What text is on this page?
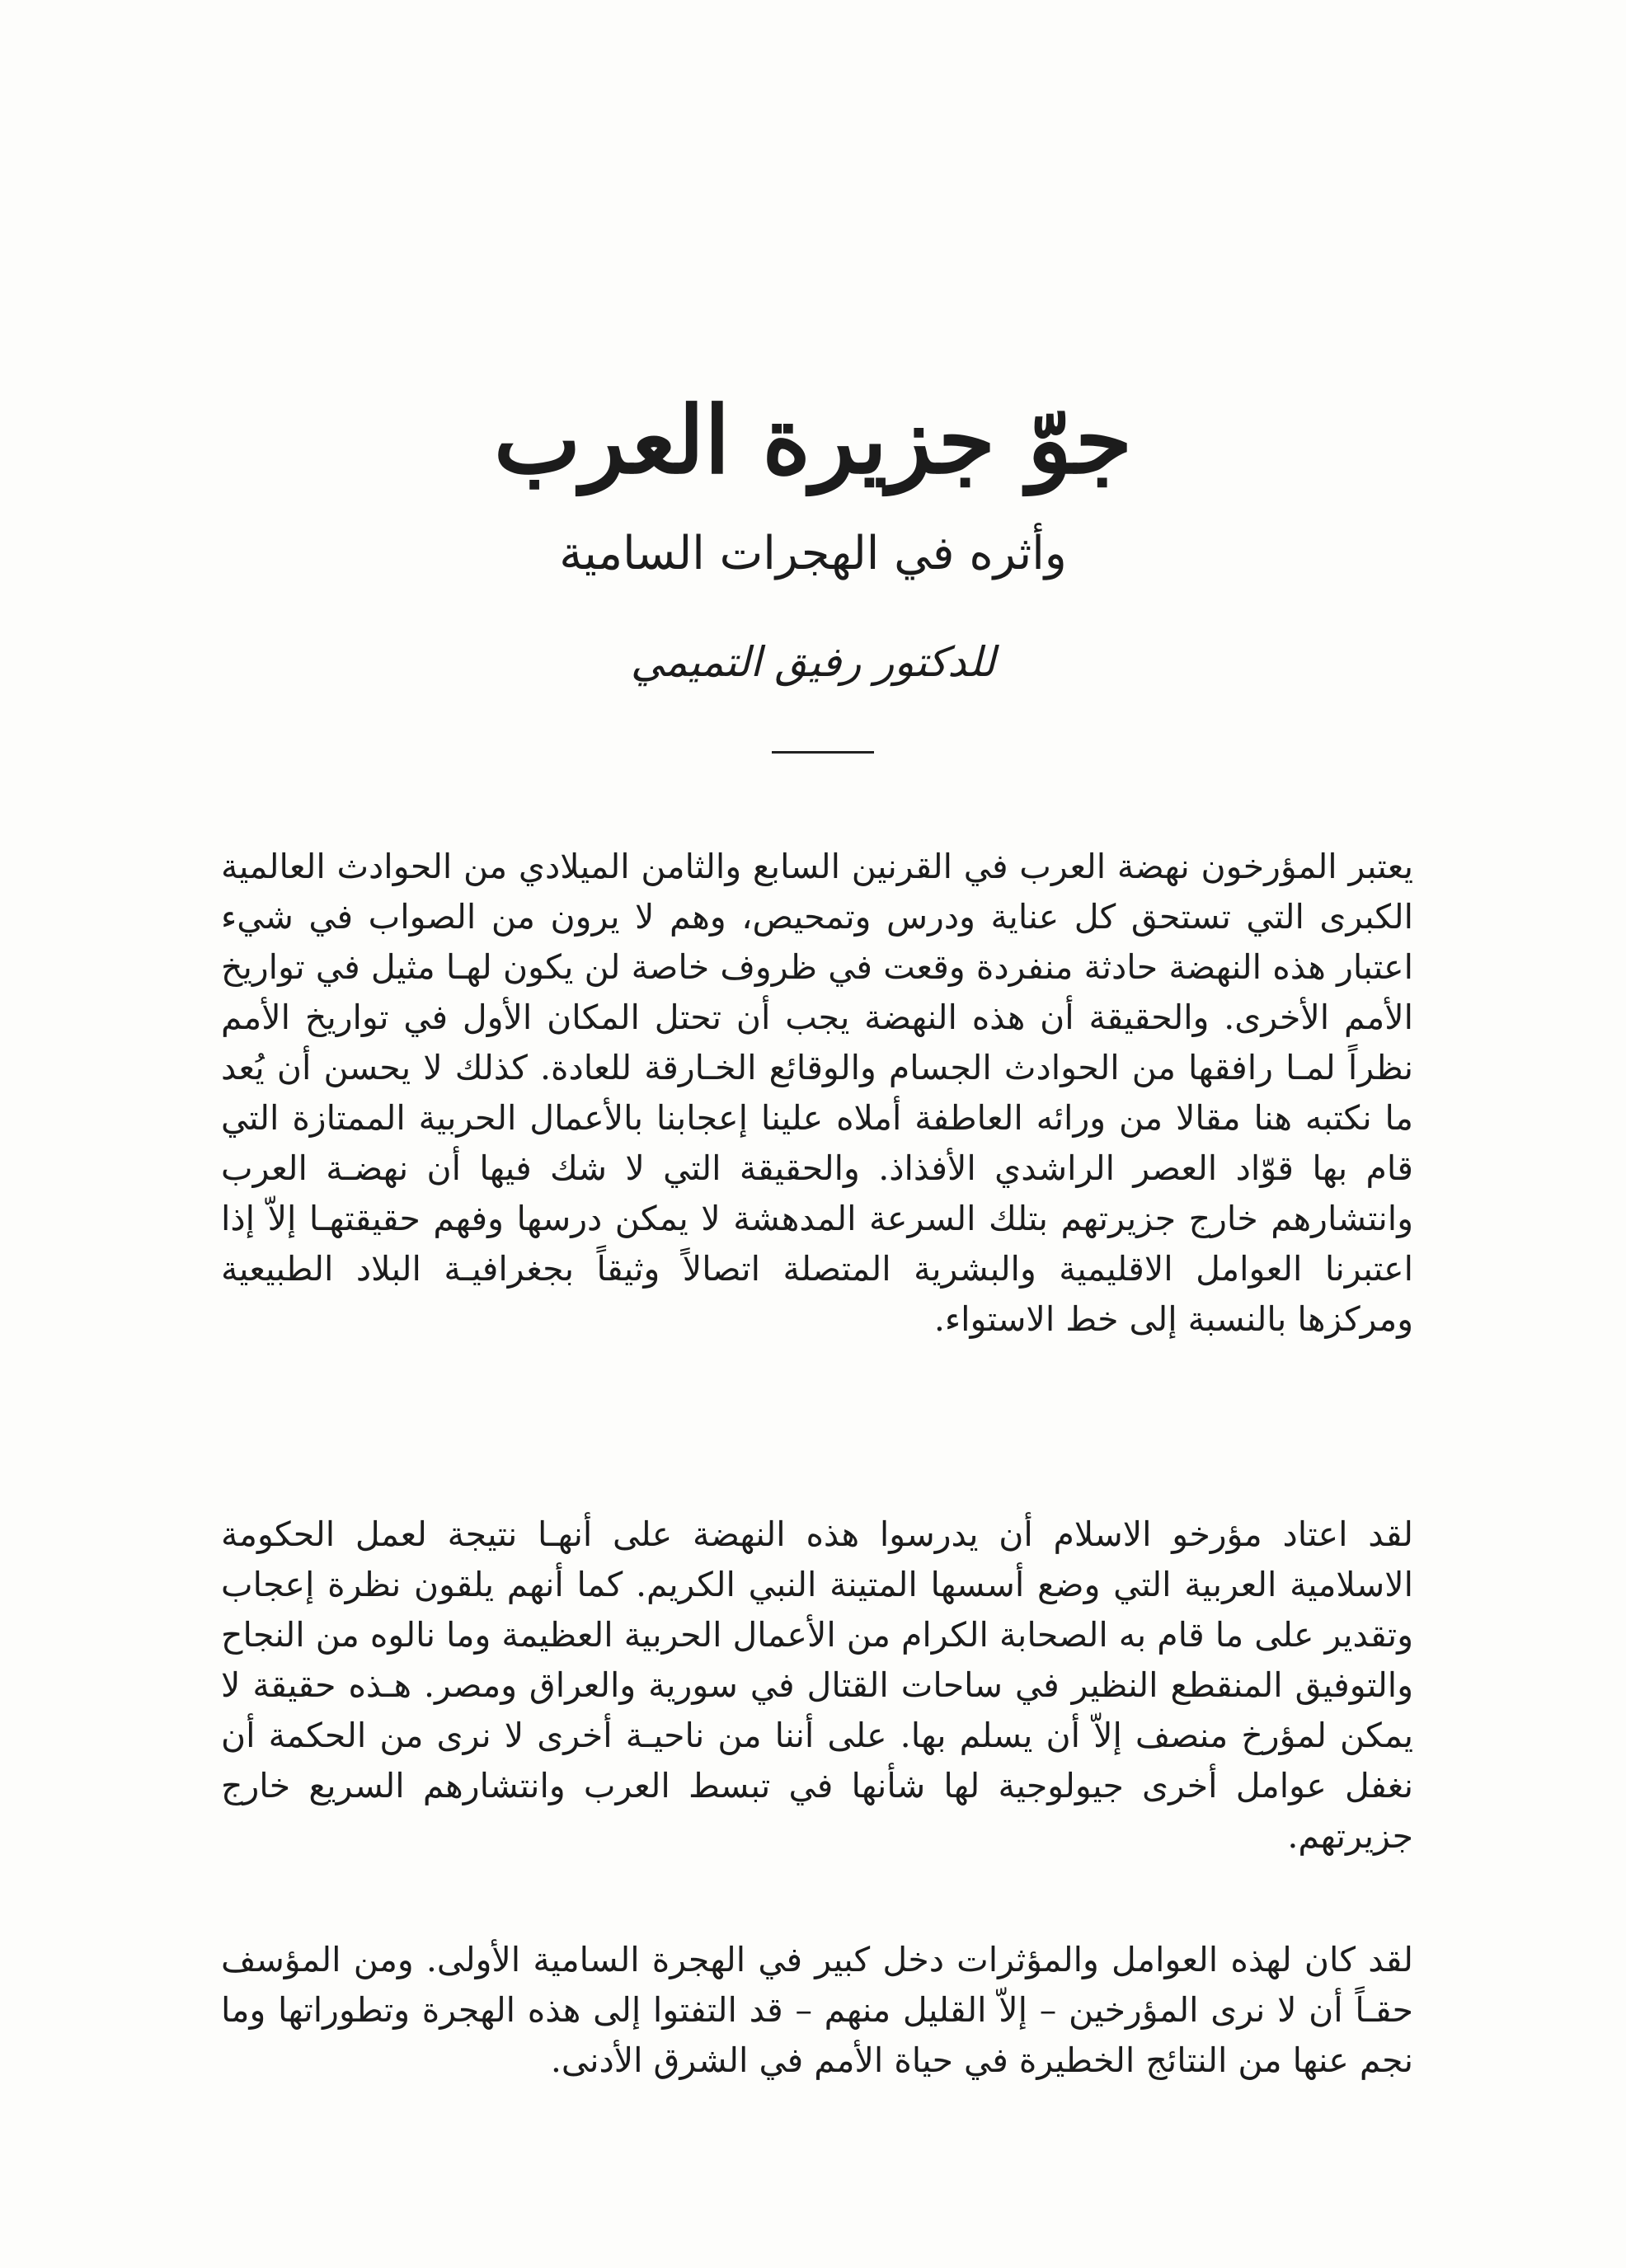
جوّ جزيرة العرب
وأثره في الهجرات السامية
للدكتور رفيق التميمي

يعتبر المؤرخون نهضة العرب في القرنين السابع والثامن الميلادي من الحوادث العالمية الكبرى التي تستحق كل عناية ودرس وتمحيص، وهم لا يرون من الصواب في شيء اعتبار هذه النهضة حادثة منفردة وقعت في ظروف خاصة لن يكون لهـا مثيل في تواريخ الأمم الأخرى. والحقيقة أن هذه النهضة يجب أن تحتل المكان الأول في تواريخ الأمم نظراً لمـا رافقها من الحوادث الجسام والوقائع الخـارقة للعادة. كذلك لا يحسن أن يُعد ما نكتبه هنا مقالا من ورائه العاطفة أملاه علينا إعجابنا بالأعمال الحربية الممتازة التي قام بها قوّاد العصر الراشدي الأفذاذ. والحقيقة التي لا شك فيها أن نهضـة العرب وانتشارهم خارج جزيرتهم بتلك السرعة المدهشة لا يمكن درسها وفهم حقيقتهـا إلاّ إذا اعتبرنا العوامل الاقليمية والبشرية المتصلة اتصالاً وثيقاً بجغرافيـة البلاد الطبيعية ومركزها بالنسبة إلى خط الاستواء.

لقد اعتاد مؤرخو الاسلام أن يدرسوا هذه النهضة على أنهـا نتيجة لعمل الحكومة الاسلامية العربية التي وضع أسسها المتينة النبي الكريم. كما أنهم يلقون نظرة إعجاب وتقدير على ما قام به الصحابة الكرام من الأعمال الحربية العظيمة وما نالوه من النجاح والتوفيق المنقطع النظير في ساحات القتال في سورية والعراق ومصر. هـذه حقيقة لا يمكن لمؤرخ منصف إلاّ أن يسلم بها. على أننا من ناحيـة أخرى لا نرى من الحكمة أن نغفل عوامل أخرى جيولوجية لها شأنها في تبسط العرب وانتشارهم السريع خارج جزيرتهم.

لقد كان لهذه العوامل والمؤثرات دخل كبير في الهجرة السامية الأولى. ومن المؤسف حقـاً أن لا نرى المؤرخين – إلاّ القليل منهم – قد التفتوا إلى هذه الهجرة وتطوراتها وما نجم عنها من النتائج الخطيرة في حياة الأمم في الشرق الأدنى.
